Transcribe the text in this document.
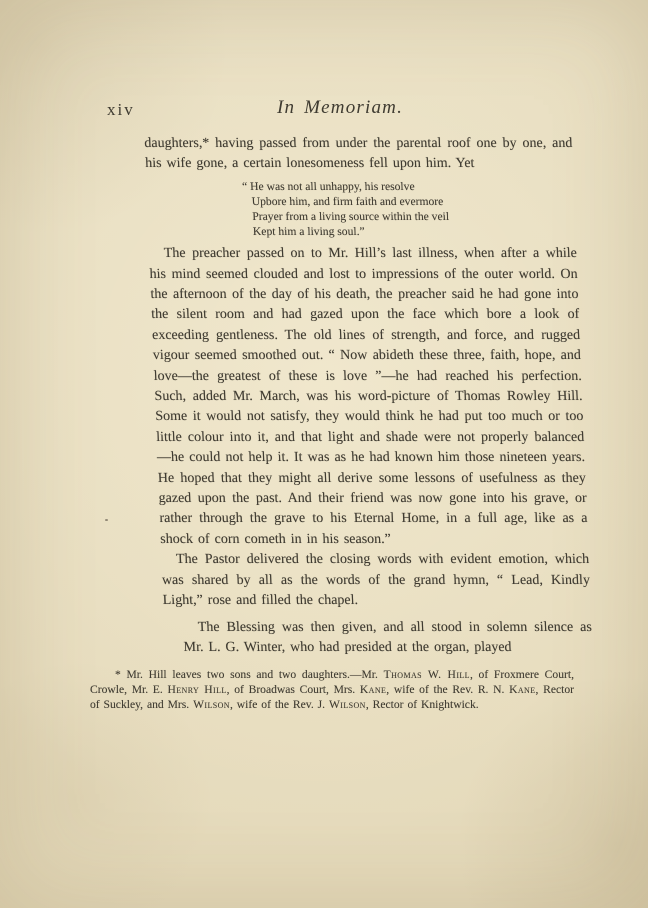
xiv	In Memoriam.

daughters,* having passed from under the parental roof one by one, and his wife gone, a certain lonesomeness fell upon him. Yet

“ He was not all unhappy, his resolve
Upbore him, and firm faith and evermore
Prayer from a living source within the veil
Kept him a living soul.”

The preacher passed on to Mr. Hill’s last illness, when after a while his mind seemed clouded and lost to impressions of the outer world. On the afternoon of the day of his death, the preacher said he had gone into the silent room and had gazed upon the face which bore a look of exceeding gentleness. The old lines of strength, and force, and rugged vigour seemed smoothed out. “ Now abideth these three, faith, hope, and love—the greatest of these is love ”—he had reached his perfection. Such, added Mr. March, was his word-picture of Thomas Rowley Hill. Some it would not satisfy, they would think he had put too much or too little colour into it, and that light and shade were not properly balanced—he could not help it. It was as he had known him those nineteen years. He hoped that they might all derive some lessons of usefulness as they gazed upon the past. And their friend was now gone into his grave, or rather through the grave to his Eternal Home, in a full age, like as a shock of corn cometh in in his season.”

The Pastor delivered the closing words with evident emotion, which was shared by all as the words of the grand hymn, “ Lead, Kindly Light,” rose and filled the chapel.

The Blessing was then given, and all stood in solemn silence as Mr. L. G. Winter, who had presided at the organ, played

* Mr. Hill leaves two sons and two daughters.—Mr. Thomas W. Hill, of Froxmere Court, Crowle, Mr. E. Henry Hill, of Broadwas Court, Mrs. Kane, wife of the Rev. R. N. Kane, Rector of Suckley, and Mrs. Wilson, wife of the Rev. J. Wilson, Rector of Knightwick.
